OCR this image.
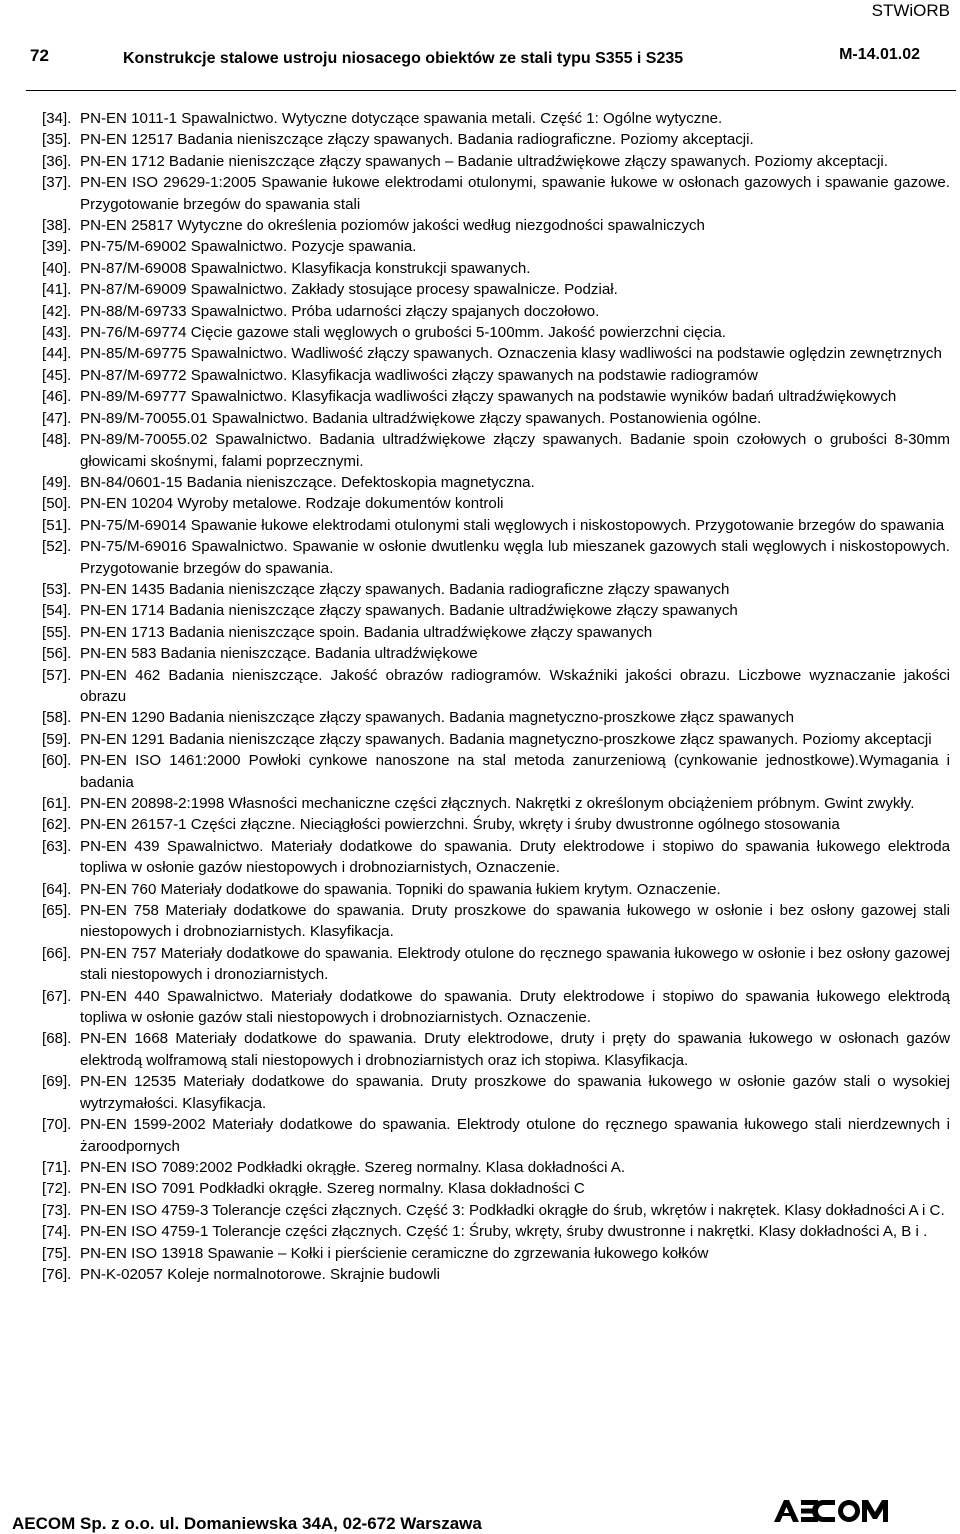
STWiORB
72	Konstrukcje stalowe ustroju niosacego obiektów ze stali typu S355 i S235	M-14.01.02
[34]. PN-EN 1011-1 Spawalnictwo. Wytyczne dotyczące spawania metali. Część 1: Ogólne wytyczne.
[35]. PN-EN 12517 Badania nieniszczące złączy spawanych. Badania radiograficzne. Poziomy akceptacji.
[36]. PN-EN 1712 Badanie nieniszczące złączy spawanych – Badanie ultradźwiękowe złączy spawanych. Poziomy akceptacji.
[37]. PN-EN ISO 29629-1:2005 Spawanie łukowe elektrodami otulonymi, spawanie łukowe w osłonach gazowych i spawanie gazowe. Przygotowanie brzegów do spawania stali
[38]. PN-EN 25817 Wytyczne do określenia poziomów jakości według niezgodności spawalniczych
[39]. PN-75/M-69002 Spawalnictwo. Pozycje spawania.
[40]. PN-87/M-69008 Spawalnictwo. Klasyfikacja konstrukcji spawanych.
[41]. PN-87/M-69009 Spawalnictwo. Zakłady stosujące procesy spawalnicze. Podział.
[42]. PN-88/M-69733 Spawalnictwo. Próba udarności złączy spajanych doczołowo.
[43]. PN-76/M-69774 Cięcie gazowe stali węglowych o grubości 5-100mm. Jakość powierzchni cięcia.
[44]. PN-85/M-69775 Spawalnictwo. Wadliwość złączy spawanych. Oznaczenia klasy wadliwości na podstawie oględzin zewnętrznych
[45]. PN-87/M-69772 Spawalnictwo. Klasyfikacja wadliwości złączy spawanych na podstawie radiogramów
[46]. PN-89/M-69777 Spawalnictwo. Klasyfikacja wadliwości złączy spawanych na podstawie wyników badań ultradźwiękowych
[47]. PN-89/M-70055.01 Spawalnictwo. Badania ultradźwiękowe złączy spawanych. Postanowienia ogólne.
[48]. PN-89/M-70055.02 Spawalnictwo. Badania ultradźwiękowe złączy spawanych. Badanie spoin czołowych o grubości 8-30mm głowicami skośnymi, falami poprzecznymi.
[49]. BN-84/0601-15 Badania nieniszczące. Defektoskopia magnetyczna.
[50]. PN-EN 10204 Wyroby metalowe. Rodzaje dokumentów kontroli
[51]. PN-75/M-69014 Spawanie łukowe elektrodami otulonymi stali węglowych i niskostopowych. Przygotowanie brzegów do spawania
[52]. PN-75/M-69016 Spawalnictwo. Spawanie w osłonie dwutlenku węgla lub mieszanek gazowych stali węglowych i niskostopowych. Przygotowanie brzegów do spawania.
[53]. PN-EN 1435 Badania nieniszczące złączy spawanych. Badania radiograficzne złączy spawanych
[54]. PN-EN 1714 Badania nieniszczące złączy spawanych. Badanie ultradźwiękowe złączy spawanych
[55]. PN-EN 1713 Badania nieniszczące spoin. Badania ultradźwiękowe złączy spawanych
[56]. PN-EN 583 Badania nieniszczące. Badania ultradźwiękowe
[57]. PN-EN 462 Badania nieniszczące. Jakość obrazów radiogramów. Wskaźniki jakości obrazu. Liczbowe wyznaczanie jakości obrazu
[58]. PN-EN 1290 Badania nieniszczące złączy spawanych. Badania magnetyczno-proszkowe złącz spawanych
[59]. PN-EN 1291 Badania nieniszczące złączy spawanych. Badania magnetyczno-proszkowe złącz spawanych. Poziomy akceptacji
[60]. PN-EN ISO 1461:2000 Powłoki cynkowe nanoszone na stal metoda zanurzeniową (cynkowanie jednostkowe).Wymagania i badania
[61]. PN-EN 20898-2:1998 Własności mechaniczne części złącznych. Nakrętki z określonym obciążeniem próbnym. Gwint zwykły.
[62]. PN-EN 26157-1 Części złączne. Nieciągłości powierzchni. Śruby, wkręty i śruby dwustronne ogólnego stosowania
[63]. PN-EN 439 Spawalnictwo. Materiały dodatkowe do spawania. Druty elektrodowe i stopiwo do spawania łukowego elektroda topliwa w osłonie gazów niestopowych i drobnoziarnistych, Oznaczenie.
[64]. PN-EN 760 Materiały dodatkowe do spawania. Topniki do spawania łukiem krytym. Oznaczenie.
[65]. PN-EN 758 Materiały dodatkowe do spawania. Druty proszkowe do spawania łukowego w osłonie i bez osłony gazowej stali niestopowych i drobnoziarnistych. Klasyfikacja.
[66]. PN-EN 757 Materiały dodatkowe do spawania. Elektrody otulone do ręcznego spawania łukowego w osłonie i bez osłony gazowej stali niestopowych i dronoziarnistych.
[67]. PN-EN 440 Spawalnictwo. Materiały dodatkowe do spawania. Druty elektrodowe i stopiwo do spawania łukowego elektrodą topliwa w osłonie gazów stali niestopowych i drobnoziarnistych. Oznaczenie.
[68]. PN-EN 1668 Materiały dodatkowe do spawania. Druty elektrodowe, druty i pręty do spawania łukowego w osłonach gazów elektrodą wolframową stali niestopowych i drobnoziarnistych oraz ich stopiwa. Klasyfikacja.
[69]. PN-EN 12535 Materiały dodatkowe do spawania. Druty proszkowe do spawania łukowego w osłonie gazów stali o wysokiej wytrzymałości. Klasyfikacja.
[70]. PN-EN 1599-2002 Materiały dodatkowe do spawania. Elektrody otulone do ręcznego spawania łukowego stali nierdzewnych i żaroodpornych
[71]. PN-EN ISO 7089:2002 Podkładki okrągłe. Szereg normalny. Klasa dokładności A.
[72]. PN-EN ISO 7091 Podkładki okrągłe. Szereg normalny. Klasa dokładności C
[73]. PN-EN ISO 4759-3 Tolerancje części złącznych. Część 3: Podkładki okrągłe do śrub, wkrętów i nakrętek. Klasy dokładności A i C.
[74]. PN-EN ISO 4759-1 Tolerancje części złącznych. Część 1: Śruby, wkręty, śruby dwustronne i nakrętki. Klasy dokładności A, B i .
[75]. PN-EN ISO 13918 Spawanie – Kołki i pierścienie ceramiczne do zgrzewania łukowego kołków
[76]. PN-K-02057 Koleje normalnotorowe. Skrajnie budowli
AECOM Sp. z o.o. ul. Domaniewska 34A, 02-672 Warszawa
